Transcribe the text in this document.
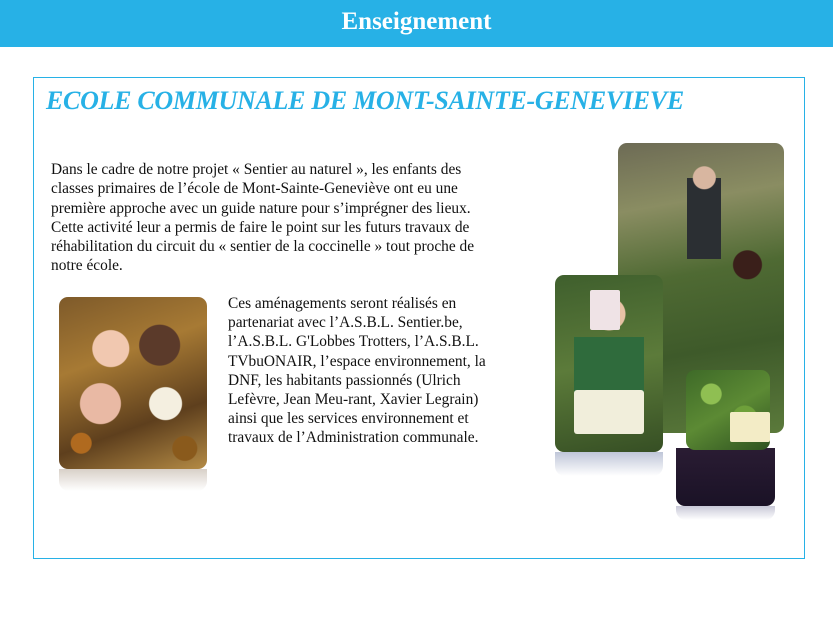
Enseignement
ECOLE COMMUNALE DE MONT-SAINTE-GENEVIEVE

Dans le cadre de notre projet « Sentier au naturel », les enfants des classes primaires de l’école de Mont-Sainte-Geneviève ont eu une première approche avec un guide nature pour s’imprégner des lieux. Cette activité leur a permis de faire le point sur les futurs travaux de réhabilitation du circuit du « sentier de la coccinelle » tout proche de notre école.

Ces aménagements seront réalisés en partenariat avec l’A.S.B.L. Sentier.be, l’A.S.B.L. G'Lobbes Trotters, l’A.S.B.L. TVbuONAIR, l’espace environnement, la DNF, les habitants passionnés (Ulrich Lefèvre, Jean Meu-rant, Xavier Legrain) ainsi que les services environnement et travaux de l’Administration communale.
